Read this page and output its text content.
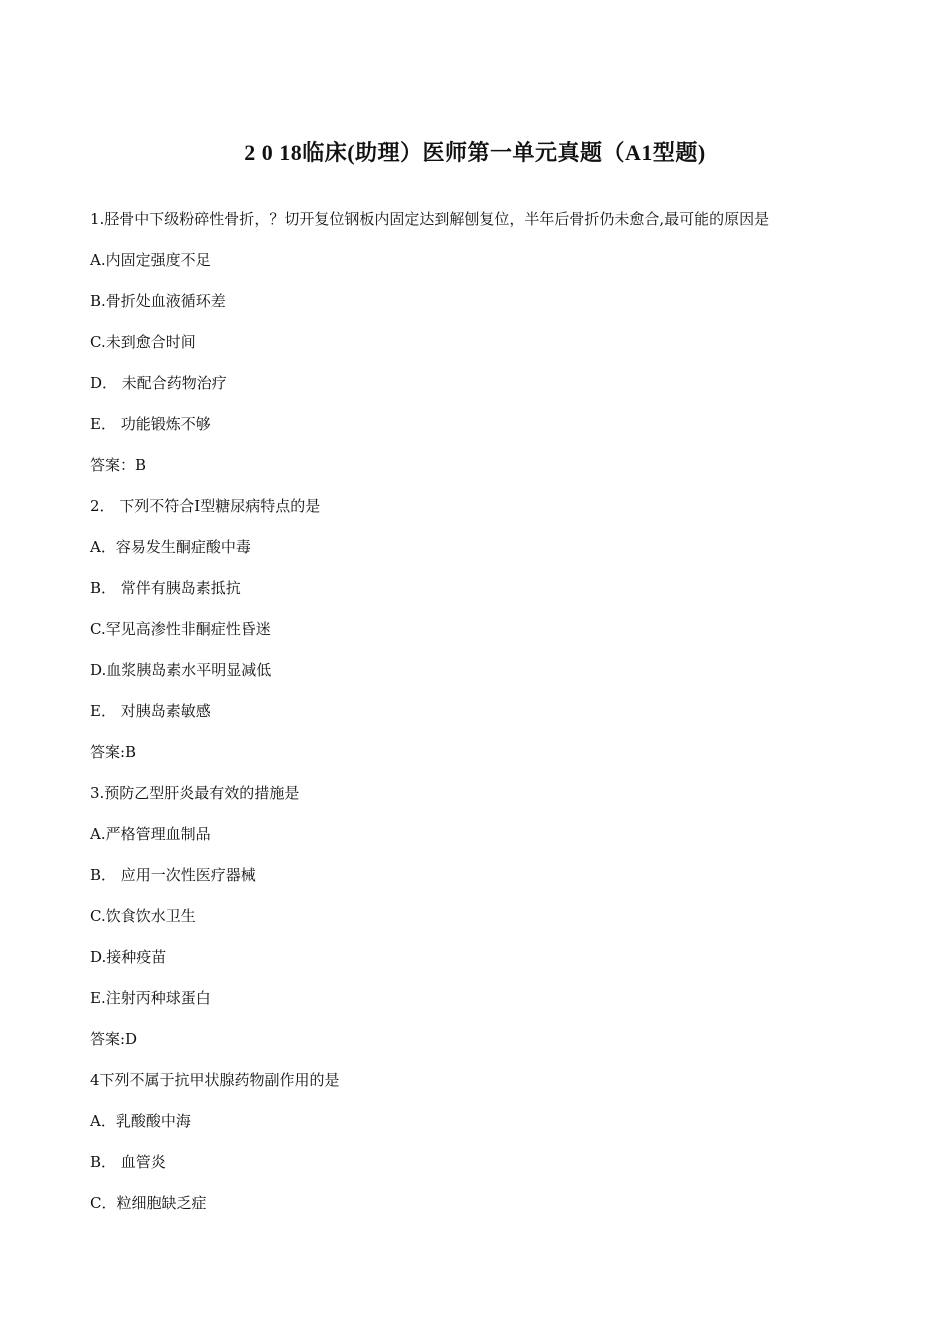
2 0 18临床(助理）医师第一单元真题（A1型题)
1.胫骨中下级粉碎性骨折，？切开复位钢板内固定达到解刨复位，半年后骨折仍未愈合,最可能的原因是
A.内固定强度不足
B.骨折处血液循环差
C.未到愈合时间
D． 未配合药物治疗
E． 功能锻炼不够
答案：B
2． 下列不符合Ⅰ型糖尿病特点的是
A．容易发生酮症酸中毒
B． 常伴有胰岛素抵抗
C.罕见高渗性非酮症性昏迷
D.血浆胰岛素水平明显减低
E． 对胰岛素敏感
答案:B
3.预防乙型肝炎最有效的措施是
A.严格管理血制品
B． 应用一次性医疗器械
C.饮食饮水卫生
D.接种疫苗
E.注射丙种球蛋白
答案:D
4下列不属于抗甲状腺药物副作用的是
A．乳酸酸中海
B． 血管炎
C．粒细胞缺乏症
